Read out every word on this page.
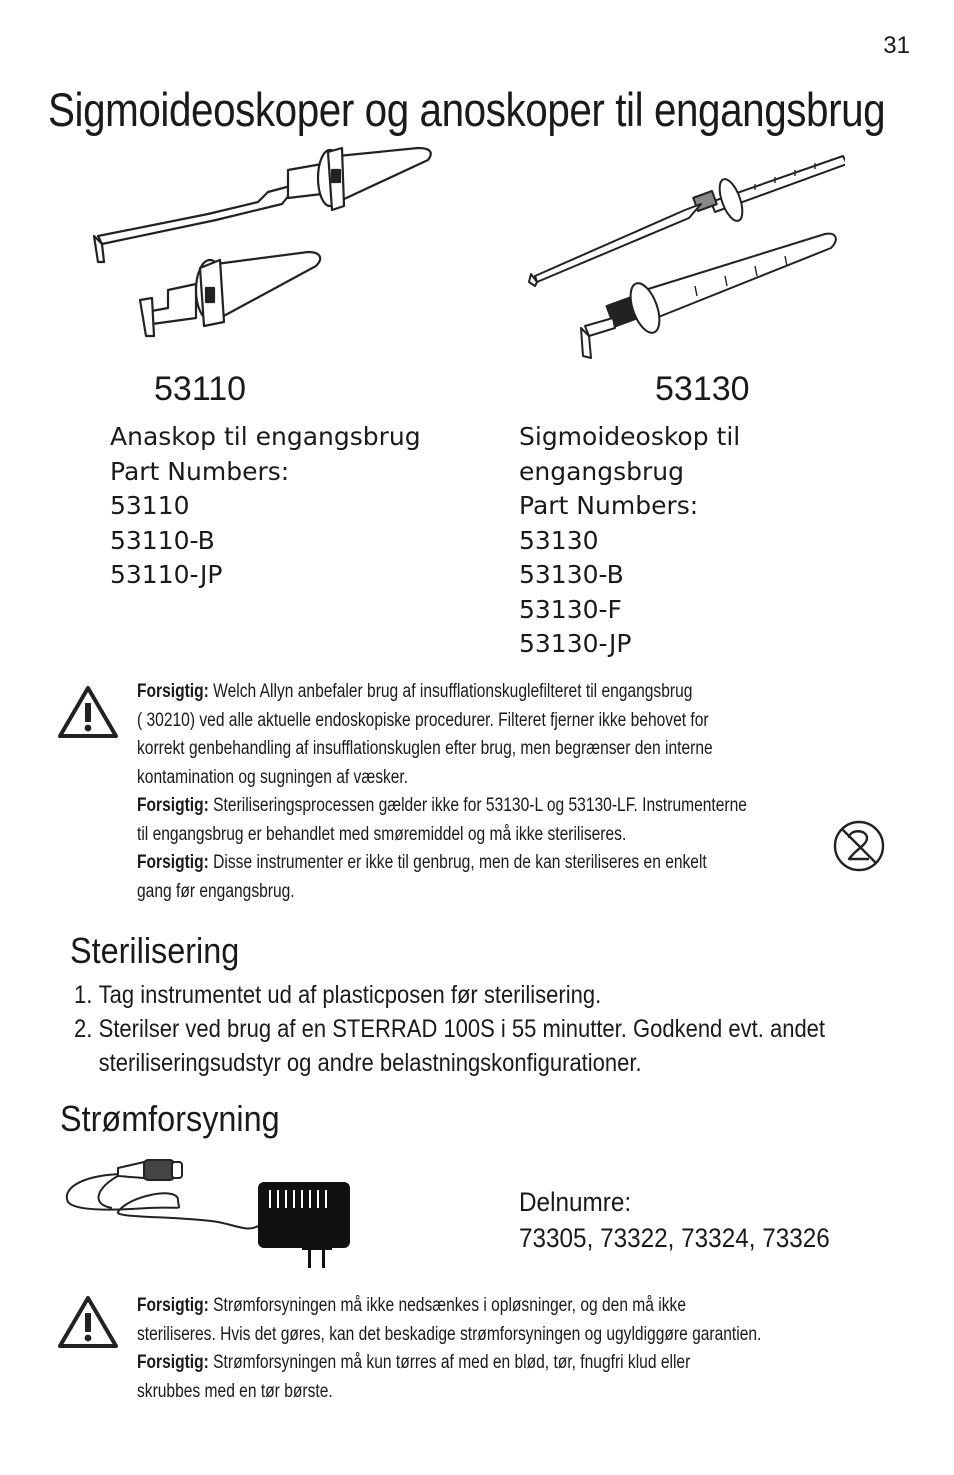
31
Sigmoideoskoper og anoskoper til engangsbrug
53110	53130
Anaskop til engangsbrug
Part Numbers:
53110
53110-B
53110-JP
Sigmoideoskop til
engangsbrug
Part Numbers:
53130
53130-B
53130-F
53130-JP
Forsigtig: Welch Allyn anbefaler brug af insufflationskuglefilteret til engangsbrug
( 30210) ved alle aktuelle endoskopiske procedurer. Filteret fjerner ikke behovet for
korrekt genbehandling af insufflationskuglen efter brug, men begrænser den interne
kontamination og sugningen af væsker.
Forsigtig: Steriliseringsprocessen gælder ikke for 53130-L og 53130-LF. Instrumenterne
til engangsbrug er behandlet med smøremiddel og må ikke steriliseres.
Forsigtig: Disse instrumenter er ikke til genbrug, men de kan steriliseres en enkelt
gang før engangsbrug.
Sterilisering
1. Tag instrumentet ud af plasticposen før sterilisering.
2. Sterilser ved brug af en STERRAD 100S i 55 minutter. Godkend evt. andet
steriliseringsudstyr og andre belastningskonfigurationer.
Strømforsyning
Delnumre:
73305, 73322, 73324, 73326
Forsigtig: Strømforsyningen må ikke nedsænkes i opløsninger, og den må ikke
steriliseres. Hvis det gøres, kan det beskadige strømforsyningen og ugyldiggøre garantien.
Forsigtig: Strømforsyningen må kun tørres af med en blød, tør, fnugfri klud eller
skrubbes med en tør børste.
